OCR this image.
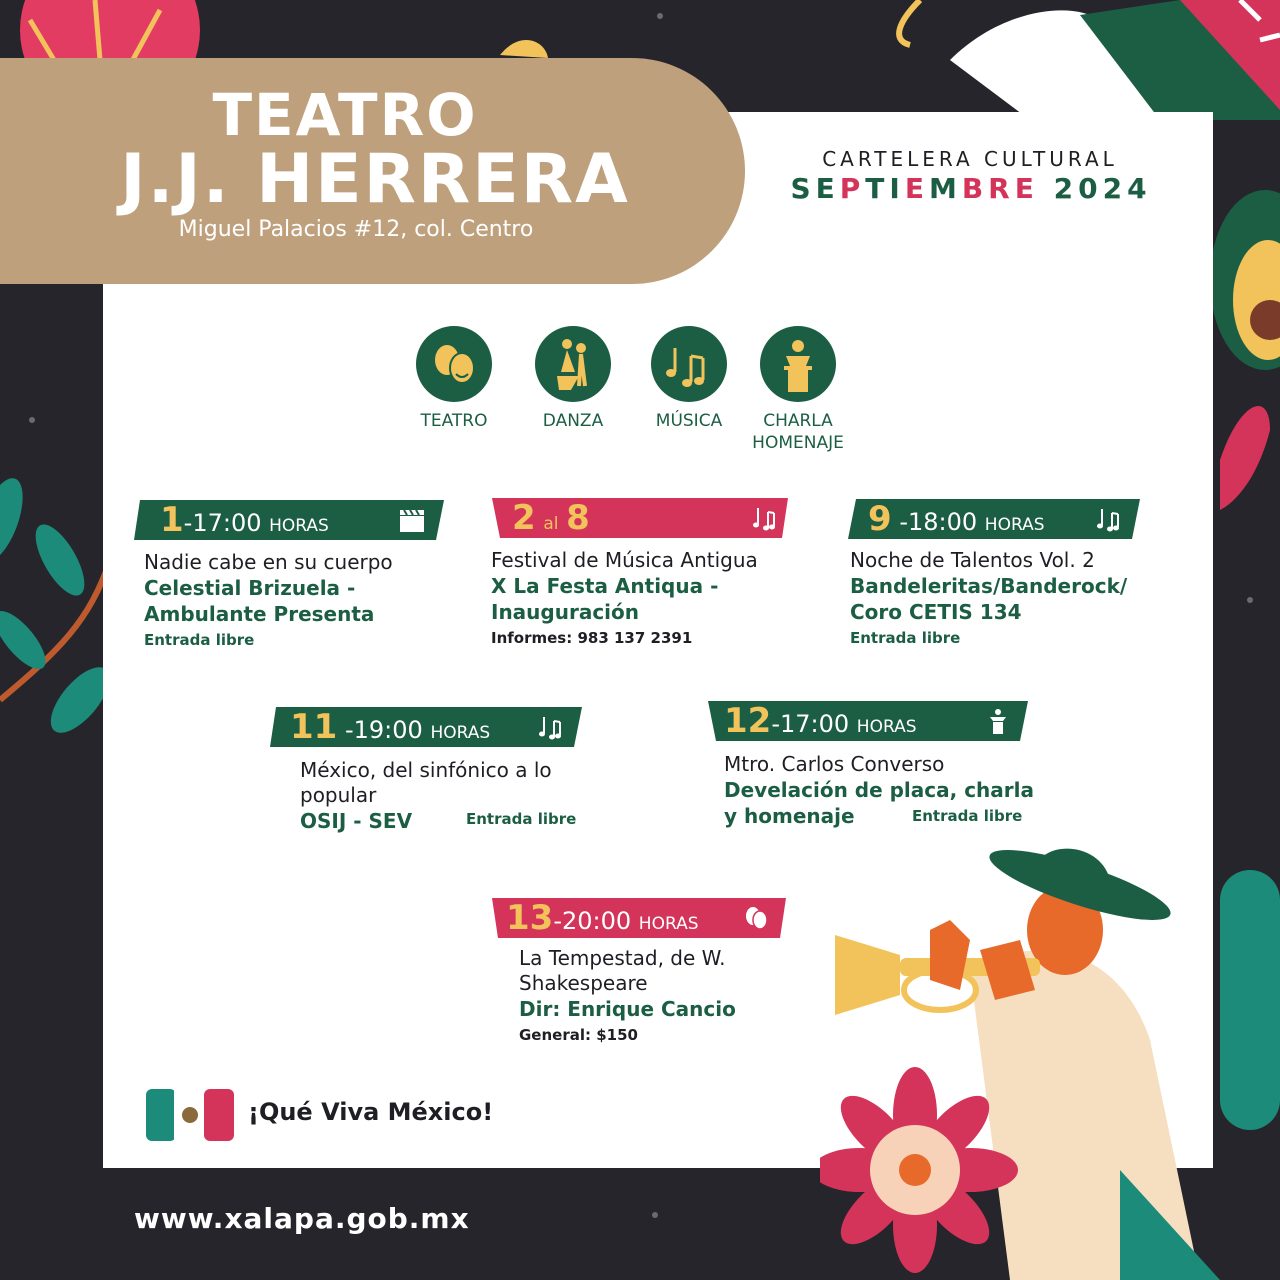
TEATRO
J.J. HERRERA
Miguel Palacios #12, col. Centro
CARTELERA CULTURAL
SEPTIEMBRE 2024
TEATRO	DANZA	MÚSICA	CHARLA HOMENAJE
1-17:00 HORAS
Nadie cabe en su cuerpo
Celestial Brizuela - Ambulante Presenta
Entrada libre
2 al 8
Festival de Música Antigua
X La Festa Antiqua - Inauguración
Informes: 983 137 2391
9 -18:00 HORAS
Noche de Talentos Vol. 2
Bandeleritas/Banderock/ Coro CETIS 134
Entrada libre
11 -19:00 HORAS
México, del sinfónico a lo popular
OSIJ - SEV	Entrada libre
12-17:00 HORAS
Mtro. Carlos Converso
Develación de placa, charla y homenaje	Entrada libre
13-20:00 HORAS
La Tempestad, de W. Shakespeare
Dir: Enrique Cancio
General: $150
¡Qué Viva México!
www.xalapa.gob.mx
